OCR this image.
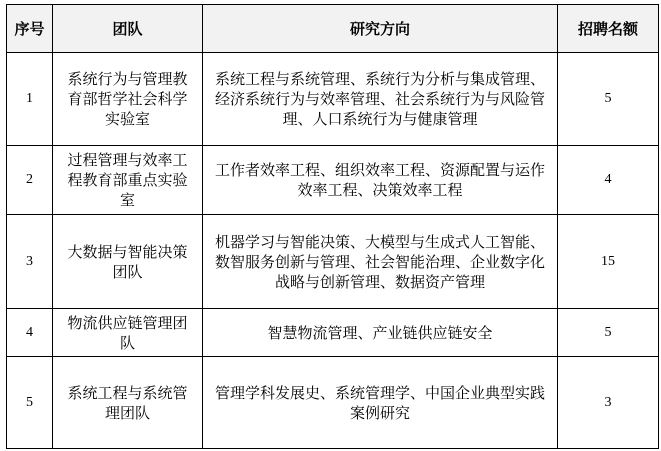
序号	团队	研究方向	招聘名额
1	系统行为与管理教育部哲学社会科学实验室	系统工程与系统管理、系统行为分析与集成管理、经济系统行为与效率管理、社会系统行为与风险管理、人口系统行为与健康管理	5
2	过程管理与效率工程教育部重点实验室	工作者效率工程、组织效率工程、资源配置与运作效率工程、决策效率工程	4
3	大数据与智能决策团队	机器学习与智能决策、大模型与生成式人工智能、数智服务创新与管理、社会智能治理、企业数字化战略与创新管理、数据资产管理	15
4	物流供应链管理团队	智慧物流管理、产业链供应链安全	5
5	系统工程与系统管理团队	管理学科发展史、系统管理学、中国企业典型实践案例研究	3
